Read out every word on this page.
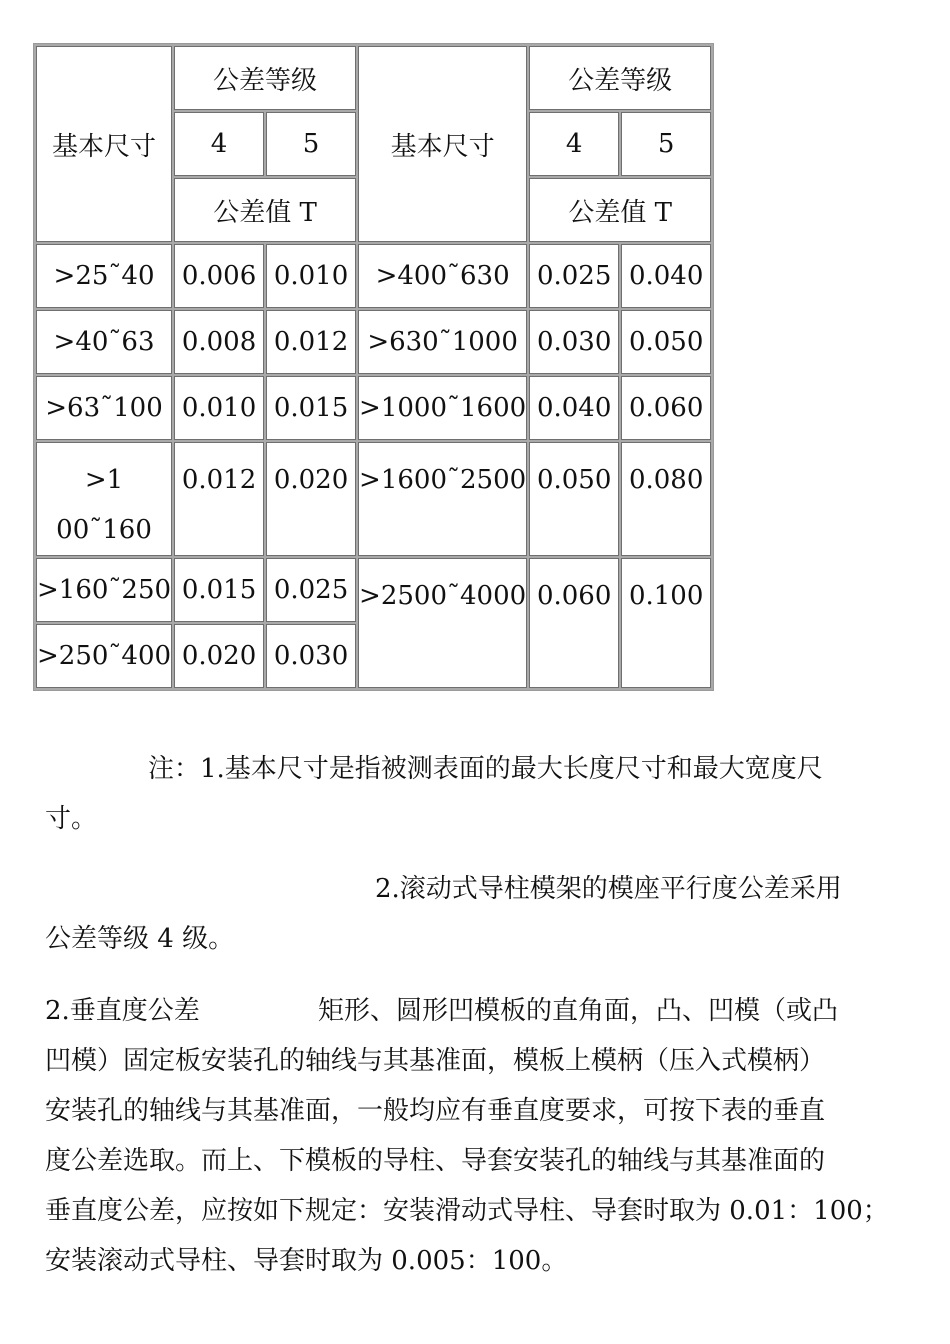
基本尺寸	公差等级		基本尺寸	公差等级	
	4	5		4	5
	公差值 T			公差值 T	
>25˜40	0.006	0.010	>400˜630	0.025	0.040
>40˜63	0.008	0.012	>630˜1000	0.030	0.050
>63˜100	0.010	0.015	>1000˜1600	0.040	0.060
>1
00˜160	0.012	0.020	>1600˜2500	0.050	0.080
>160˜250	0.015	0.025	>2500˜4000	0.060	0.100
>250˜400	0.020	0.030			
注：1.基本尺寸是指被测表面的最大长度尺寸和最大宽度尺
寸。
2.滚动式导柱模架的模座平行度公差采用
公差等级 4 级。
2.垂直度公差	矩形、圆形凹模板的直角面，凸、凹模（或凸
凹模）固定板安装孔的轴线与其基准面，模板上模柄（压入式模柄）
安装孔的轴线与其基准面，一般均应有垂直度要求，可按下表的垂直
度公差选取。而上、下模板的导柱、导套安装孔的轴线与其基准面的
垂直度公差，应按如下规定：安装滑动式导柱、导套时取为 0.01：100；
安装滚动式导柱、导套时取为 0.005：100。
